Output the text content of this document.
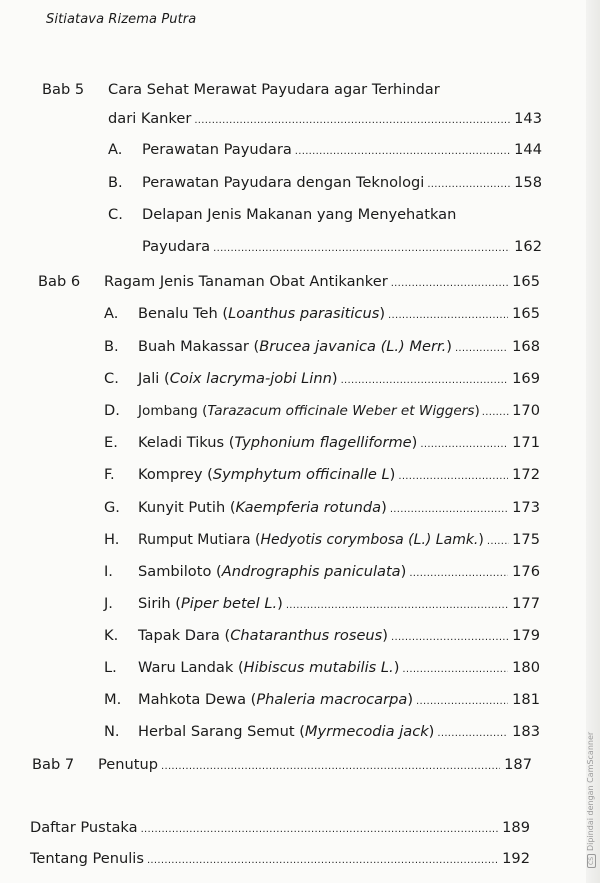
Sitiatava Rizema Putra
Bab 5	Cara Sehat Merawat Payudara agar Terhindar
dari Kanker .....	143
A.	Perawatan Payudara .....	144
B.	Perawatan Payudara dengan Teknologi .....	158
C.	Delapan Jenis Makanan yang Menyehatkan
Payudara .....	162
Bab 6	Ragam Jenis Tanaman Obat Antikanker .....	165
A.	Benalu Teh (Loanthus parasiticus) .....	165
B.	Buah Makassar (Brucea javanica (L.) Merr.) .....	168
C.	Jali (Coix lacryma-jobi Linn) .....	169
D.	Jombang (Tarazacum officinale Weber et Wiggers) ..... 170
E.	Keladi Tikus (Typhonium flagelliforme) .....	171
F.	Komprey (Symphytum officinalle L) .....	172
G.	Kunyit Putih (Kaempferia rotunda) .....	173
H.	Rumput Mutiara (Hedyotis corymbosa (L.) Lamk.) ..... 175
I.	Sambiloto (Andrographis paniculata) .....	176
J.	Sirih (Piper betel L.) .....	177
K.	Tapak Dara (Chataranthus roseus) .....	179
L.	Waru Landak (Hibiscus mutabilis L.) .....	180
M.	Mahkota Dewa (Phaleria macrocarpa) .....	181
N.	Herbal Sarang Semut (Myrmecodia jack) .....	183
Bab 7	Penutup .....	187
Daftar Pustaka .....	189
Tentang Penulis .....	192	CSDipindai dengan CamScanner
